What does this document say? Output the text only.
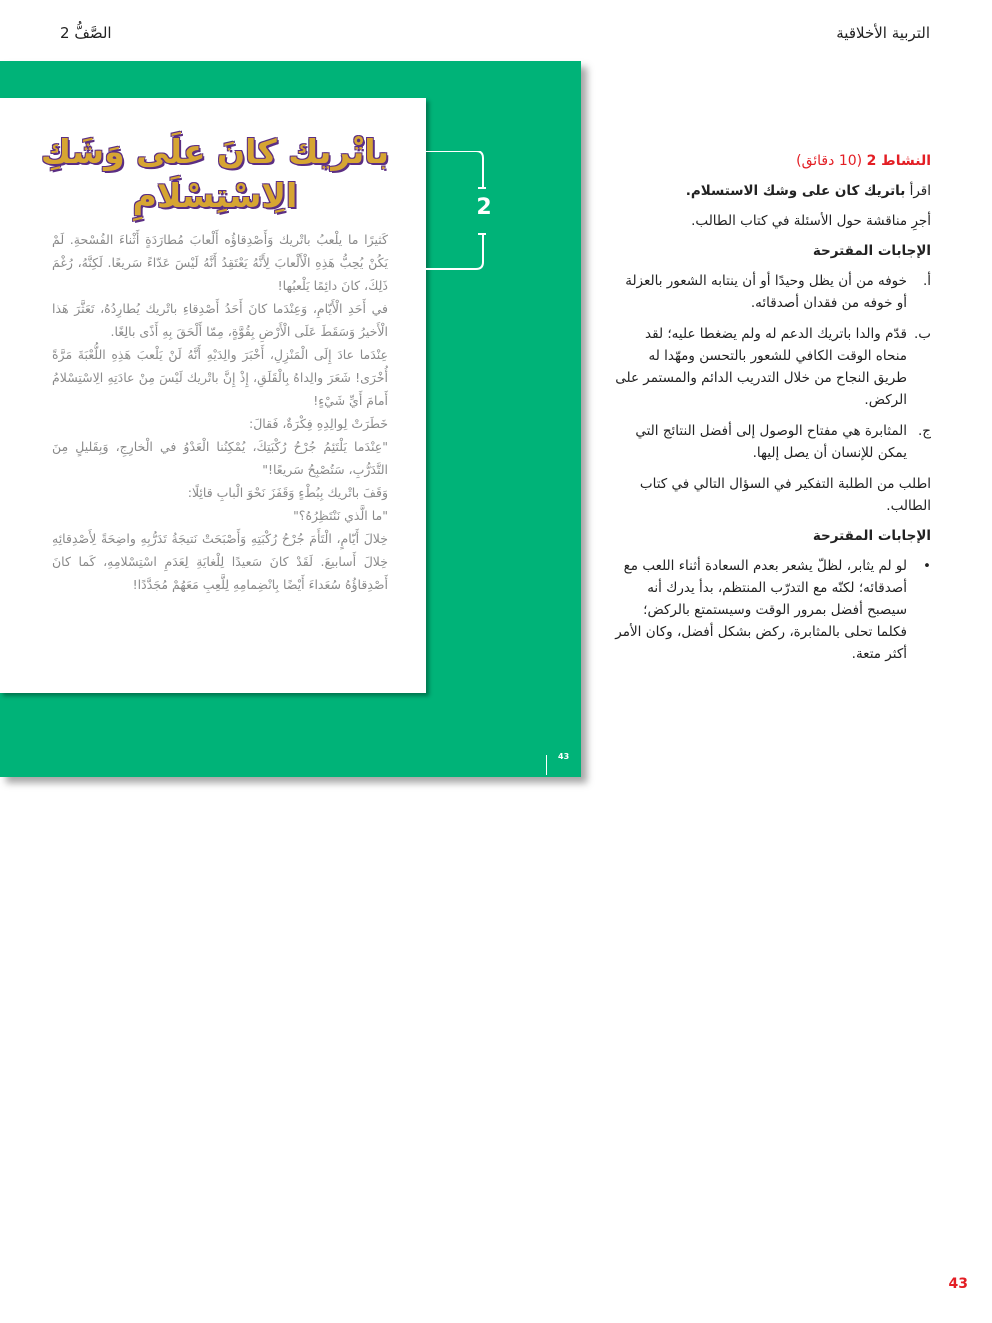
التربية الأخلاقية
الصَّفُّ 2
باتْريك كانَ علَى وَشَكِ
الِاسْتِسْلَامِ

كَثيرًا ما يلْعبُ باتْريك وَأَصْدِقاؤُه أَلْعابَ مُطارَدَةٍ أَثْناءَ الفُسْحةِ. لَمْ يَكُنْ يُحِبُّ هَذِهِ الْأَلْعابَ لِأَنَّهُ يَعْتَقِدُ أَنَّهُ لَيْسَ عَدّاءً سَريعًا. لَكِنَّهُ، رُغْمَ ذَلِكَ، كانَ دائِمًا يَلْعبُها!

في أَحَدِ الْأَيّامِ، وَعِنْدَما كانَ أَحَدُ أَصْدِقاءِ باتْريك يُطارِدُهُ، تَعَثَّرَ هَذا الْأَخيرُ وَسَقَطَ عَلَى الْأَرْضِ بِقُوَّةٍ، مِمّا أَلْحَقَ بِهِ أَذًى بالِغًا.

عِنْدَما عادَ إِلَى الْمَنْزِلِ، أَخْبَرَ والِدَيْهِ أَنَّهُ لَنْ يَلْعبَ هَذِهِ اللُّعْبَةَ مَرَّةً أُخْرَى! شَعَرَ والِداهُ بِالْقَلَقِ، إِذْ إِنَّ باتْريك لَيْسَ مِنْ عادَتِهِ الِاسْتِسْلامُ أَمامَ أَيِّ شَيْءٍ!

خَطَرَتْ لِوالِدِهِ فِكْرَةٌ، فَقالَ:

"عِنْدَما يَلْتَئِمُ جُرْحُ رُكْبَتِكَ، يُمْكِنُنا الْعَدْوُ في الْخارِجِ، وَبِقَليلٍ مِنَ التَّدَرُّبِ، سَتُصْبِحُ سَريعًا!"

وَقَفَ باتْريك بِبُطْءٍ وَقَفَزَ نَحْوَ الْبابِ قائِلًا:

"ما الَّذي نَنْتَظِرُهُ؟"

خِلالَ أَيّامٍ، الْتَأَمَ جُرْحُ رُكْبَتِهِ وَأَصْبَحَتْ نَتيجَةُ تَدَرُّبِهِ واضِحَةً لِأَصْدِقائِهِ خِلالَ أَسابيعَ. لَقَدْ كانَ سَعيدًا لِلْغايَةِ لِعَدَمِ اسْتِسْلامِهِ، كَما كانَ أَصْدِقاؤُهُ سُعَداءَ أَيْضًا بِانْضِمامِهِ لِلَّعِبِ مَعَهُمْ مُجَدَّدًا!

2
43
النشاط 2 (10 دقائق)

اقرأ باتريك كان على وشك الاستسلام.

أجرِ مناقشة حول الأسئلة في كتاب الطالب.

الإجابات المقترحة
أ.
خوفه من أن يظل وحيدًا أو أن ينتابه الشعور بالعزلة أو خوفه من فقدان أصدقائه.
ب.
قدّم والدا باتريك الدعم له ولم يضغطا عليه؛ لقد منحاه الوقت الكافي للشعور بالتحسن ومهّدا له طريق النجاح من خلال التدريب الدائم والمستمر على الركض.
ج.
المثابرة هي مفتاح الوصول إلى أفضل النتائج التي يمكن للإنسان أن يصل إليها.

اطلب من الطلبة التفكير في السؤال التالي في كتاب الطالب.

الإجابات المقترحة
•
لو لم يثابر، لظلّ يشعر بعدم السعادة أثناء اللعب مع أصدقائه؛ لكنّه مع التدرّب المنتظم، بدأ يدرك أنه سيصبح أفضل بمرور الوقت وسيستمتع بالركض؛ فكلما تحلى بالمثابرة، ركض بشكل أفضل، وكان الأمر أكثر متعة.
43
